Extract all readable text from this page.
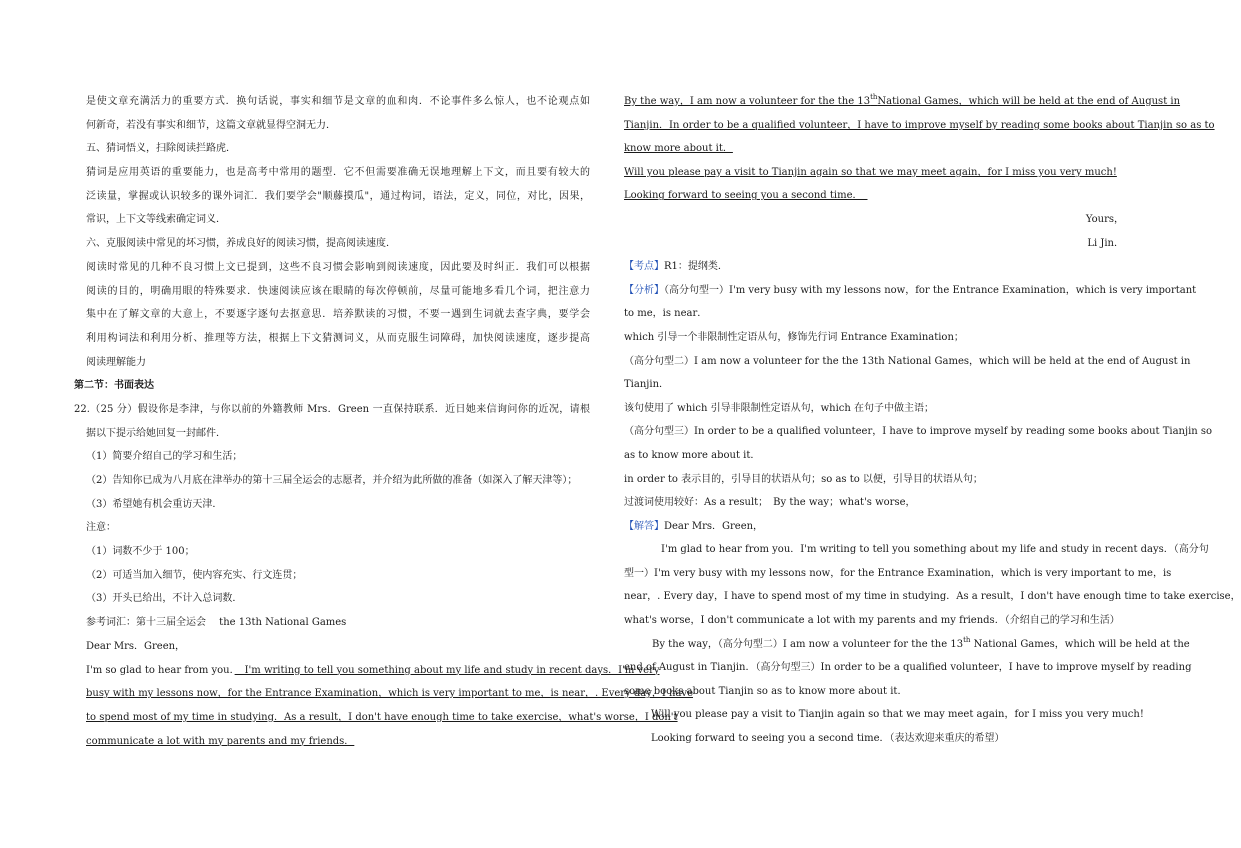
是使文章充满活力的重要方式．换句话说，事实和细节是文章的血和肉．不论事件多么惊人，也不论观点如
何新奇，若没有事实和细节，这篇文章就显得空洞无力．
五、猜词悟义，扫除阅读拦路虎．
猜词是应用英语的重要能力，也是高考中常用的题型．它不但需要准确无误地理解上下文，而且要有较大的
泛读量，掌握或认识较多的课外词汇．我们要学会"顺藤摸瓜"，通过构词，语法，定义，同位，对比，因果，
常识，上下文等线索确定词义．
六、克服阅读中常见的坏习惯，养成良好的阅读习惯，提高阅读速度．
阅读时常见的几种不良习惯上文已提到，这些不良习惯会影响到阅读速度，因此要及时纠正．我们可以根据
阅读的目的，明确用眼的特殊要求．快速阅读应该在眼睛的每次停顿前，尽量可能地多看几个词，把注意力
集中在了解文章的大意上，不要逐字逐句去抠意思．培养默读的习惯，不要一遇到生词就去查字典，要学会
利用构词法和利用分析、推理等方法，根据上下文猜测词义，从而克服生词障碍，加快阅读速度，逐步提高
阅读理解能力
第二节：书面表达
22.（25 分）假设你是李津，与你以前的外籍教师 Mrs．Green 一直保持联系．近日她来信询问你的近况，请根
据以下提示给她回复一封邮件．
（1）简要介绍自己的学习和生活；
（2）告知你已成为八月底在津举办的第十三届全运会的志愿者，并介绍为此所做的准备（如深入了解天津等）；
（3）希望她有机会重访天津．
注意：
（1）词数不少于 100；
（2）可适当加入细节，使内容充实、行文连贯；
（3）开头已给出，不计入总词数．
参考词汇：第十三届全运会　 the 13th National Games
Dear Mrs．Green，
I'm so glad to hear from you．　I'm writing to tell you something about my life and study in recent days．I'm very
busy with my lessons now，for the Entrance Examination，which is very important to me，is near，. Every day，I have
to spend most of my time in studying．As a result，I don't have enough time to take exercise，what's worse，I don't
communicate a lot with my parents and my friends．
By the way，I am now a volunteer for the the 13thNational Games，which will be held at the end of August in
Tianjin．In order to be a qualified volunteer，I have to improve myself by reading some books about Tianjin so as to
know more about it．
Will you please pay a visit to Tianjin again so that we may meet again，for I miss you very much!
Looking forward to seeing you a second time．　
Yours，
Li Jin．
【考点】R1：提纲类．
【分析】（高分句型一）I'm very busy with my lessons now，for the Entrance Examination，which is very important
to me，is near．
which 引导一个非限制性定语从句，修饰先行词 Entrance Examination；
（高分句型二）I am now a volunteer for the the 13th National Games，which will be held at the end of August in
Tianjin．
该句使用了 which 引导非限制性定语从句，which 在句子中做主语；
（高分句型三）In order to be a qualified volunteer，I have to improve myself by reading some books about Tianjin so
as to know more about it．
in order to 表示目的，引导目的状语从句；so as to 以便，引导目的状语从句；
过渡词使用较好：As a result；　By the way；what's worse，
【解答】Dear Mrs．Green，
I'm glad to hear from you．I'm writing to tell you something about my life and study in recent days．（高分句
型一）I'm very busy with my lessons now，for the Entrance Examination，which is very important to me，is
near，. Every day，I have to spend most of my time in studying．As a result，I don't have enough time to take exercise，
what's worse，I don't communicate a lot with my parents and my friends．（介绍自己的学习和生活）
By the way，（高分句型二）I am now a volunteer for the the 13th National Games，which will be held at the
end of August in Tianjin．（高分句型三）In order to be a qualified volunteer，I have to improve myself by reading
some books about Tianjin so as to know more about it．
Will you please pay a visit to Tianjin again so that we may meet again，for I miss you very much!
Looking forward to seeing you a second time．（表达欢迎来重庆的希望）
